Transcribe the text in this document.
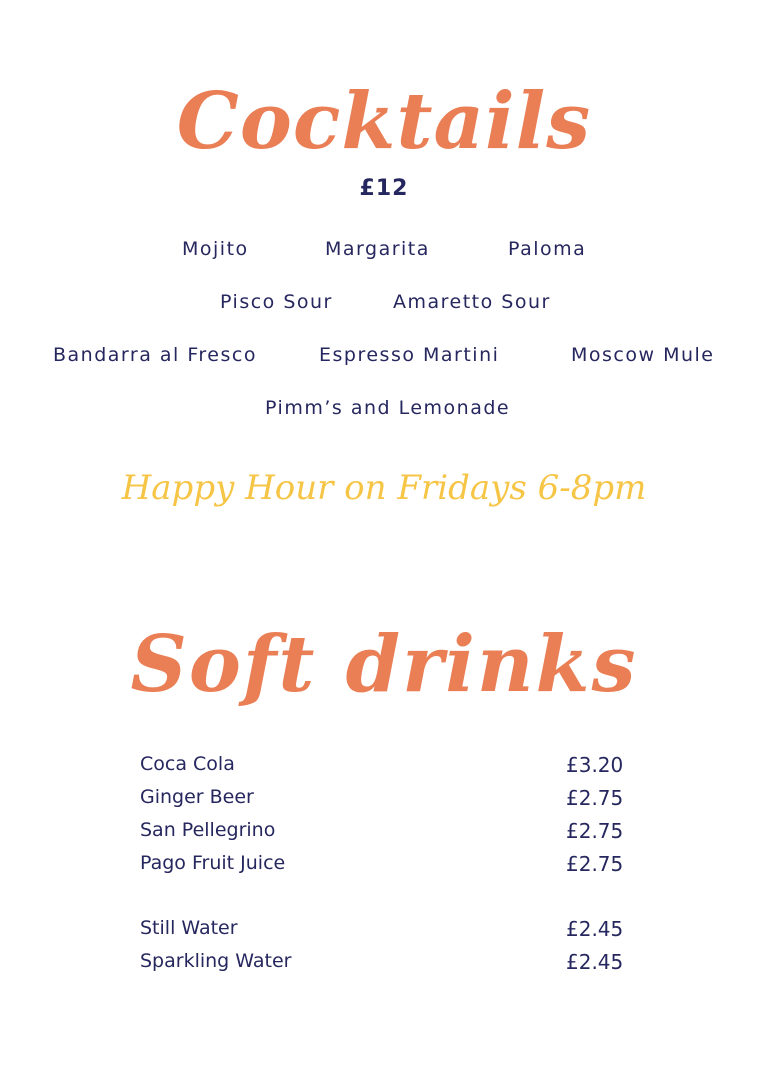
Cocktails
£12
Mojito	Margarita	Paloma
Pisco Sour	Amaretto Sour
Bandarra al Fresco	Espresso Martini	Moscow Mule
Pimm’s and Lemonade
Happy Hour on Fridays 6-8pm
Soft drinks
Coca Cola	£3.20
Ginger Beer	£2.75
San Pellegrino	£2.75
Pago Fruit Juice	£2.75
Still Water	£2.45
Sparkling Water	£2.45
